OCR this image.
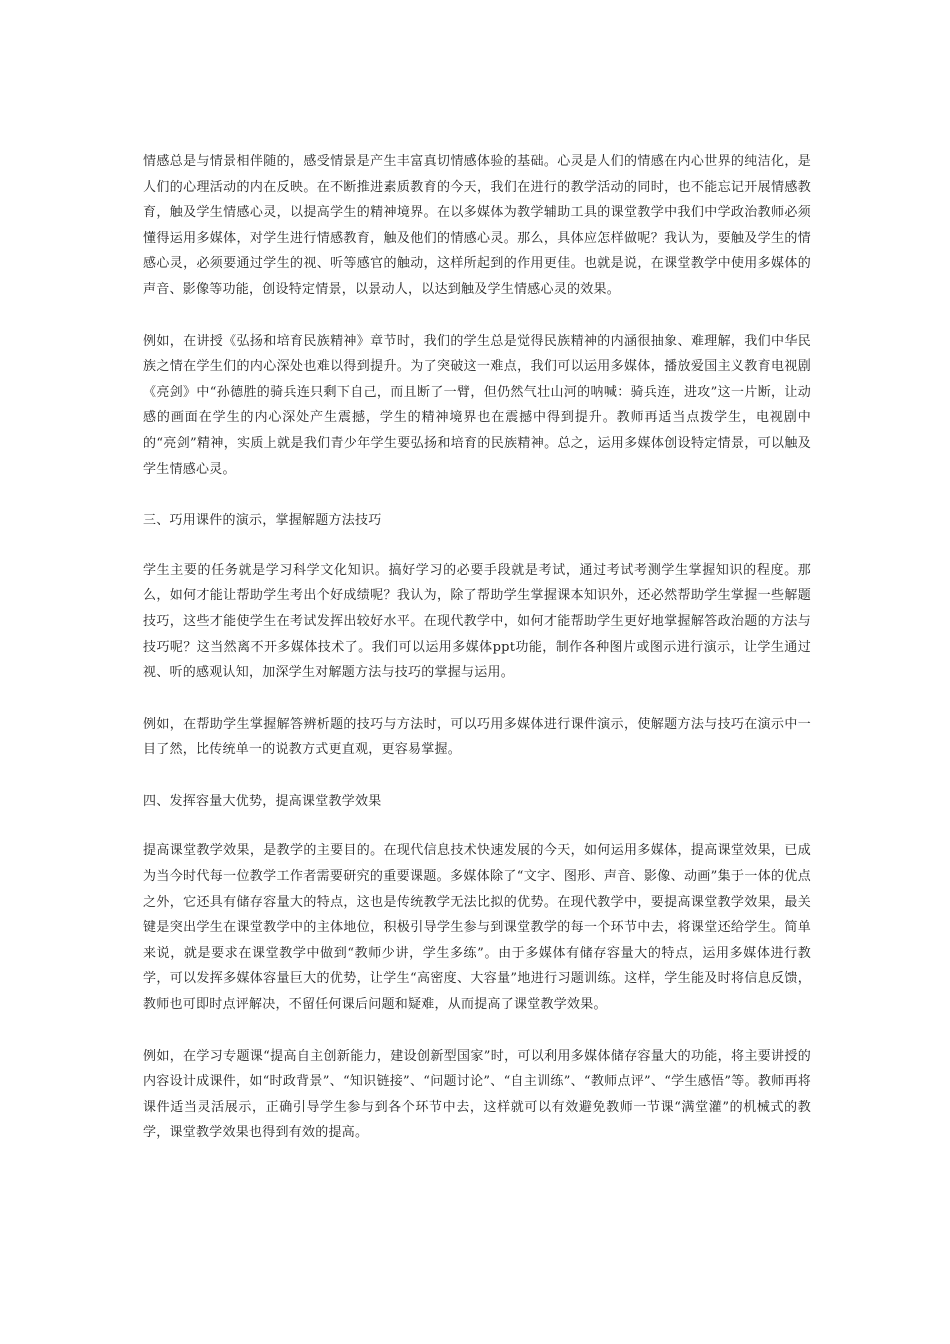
情感总是与情景相伴随的，感受情景是产生丰富真切情感体验的基础。心灵是人们的情感在内心世界的纯洁化，是人们的心理活动的内在反映。在不断推进素质教育的今天，我们在进行的教学活动的同时，也不能忘记开展情感教育，触及学生情感心灵，以提高学生的精神境界。在以多媒体为教学辅助工具的课堂教学中我们中学政治教师必须懂得运用多媒体，对学生进行情感教育，触及他们的情感心灵。那么，具体应怎样做呢？我认为，要触及学生的情感心灵，必须要通过学生的视、听等感官的触动，这样所起到的作用更佳。也就是说，在课堂教学中使用多媒体的声音、影像等功能，创设特定情景，以景动人，以达到触及学生情感心灵的效果。

例如，在讲授《弘扬和培育民族精神》章节时，我们的学生总是觉得民族精神的内涵很抽象、难理解，我们中华民族之情在学生们的内心深处也难以得到提升。为了突破这一难点，我们可以运用多媒体，播放爱国主义教育电视剧《亮剑》中“孙德胜的骑兵连只剩下自己，而且断了一臂，但仍然气壮山河的呐喊：骑兵连，进攻”这一片断，让动感的画面在学生的内心深处产生震撼，学生的精神境界也在震撼中得到提升。教师再适当点拨学生，电视剧中的“亮剑”精神，实质上就是我们青少年学生要弘扬和培育的民族精神。总之，运用多媒体创设特定情景，可以触及学生情感心灵。

三、巧用课件的演示，掌握解题方法技巧

学生主要的任务就是学习科学文化知识。搞好学习的必要手段就是考试，通过考试考测学生掌握知识的程度。那么，如何才能让帮助学生考出个好成绩呢？我认为，除了帮助学生掌握课本知识外，还必然帮助学生掌握一些解题技巧，这些才能使学生在考试发挥出较好水平。在现代教学中，如何才能帮助学生更好地掌握解答政治题的方法与技巧呢？这当然离不开多媒体技术了。我们可以运用多媒体ppt功能，制作各种图片或图示进行演示，让学生通过视、听的感观认知，加深学生对解题方法与技巧的掌握与运用。

例如，在帮助学生掌握解答辨析题的技巧与方法时，可以巧用多媒体进行课件演示，使解题方法与技巧在演示中一目了然，比传统单一的说教方式更直观，更容易掌握。

四、发挥容量大优势，提高课堂教学效果

提高课堂教学效果，是教学的主要目的。在现代信息技术快速发展的今天，如何运用多媒体，提高课堂效果，已成为当今时代每一位教学工作者需要研究的重要课题。多媒体除了“文字、图形、声音、影像、动画”集于一体的优点之外，它还具有储存容量大的特点，这也是传统教学无法比拟的优势。在现代教学中，要提高课堂教学效果，最关键是突出学生在课堂教学中的主体地位，积极引导学生参与到课堂教学的每一个环节中去，将课堂还给学生。简单来说，就是要求在课堂教学中做到“教师少讲，学生多练”。由于多媒体有储存容量大的特点，运用多媒体进行教学，可以发挥多媒体容量巨大的优势，让学生“高密度、大容量”地进行习题训练。这样，学生能及时将信息反馈，教师也可即时点评解决，不留任何课后问题和疑难，从而提高了课堂教学效果。

例如，在学习专题课“提高自主创新能力，建设创新型国家”时，可以利用多媒体储存容量大的功能，将主要讲授的内容设计成课件，如“时政背景”、“知识链接”、“问题讨论”、“自主训练”、“教师点评”、“学生感悟”等。教师再将课件适当灵活展示，正确引导学生参与到各个环节中去，这样就可以有效避免教师一节课“满堂灌”的机械式的教学，课堂教学效果也得到有效的提高。
